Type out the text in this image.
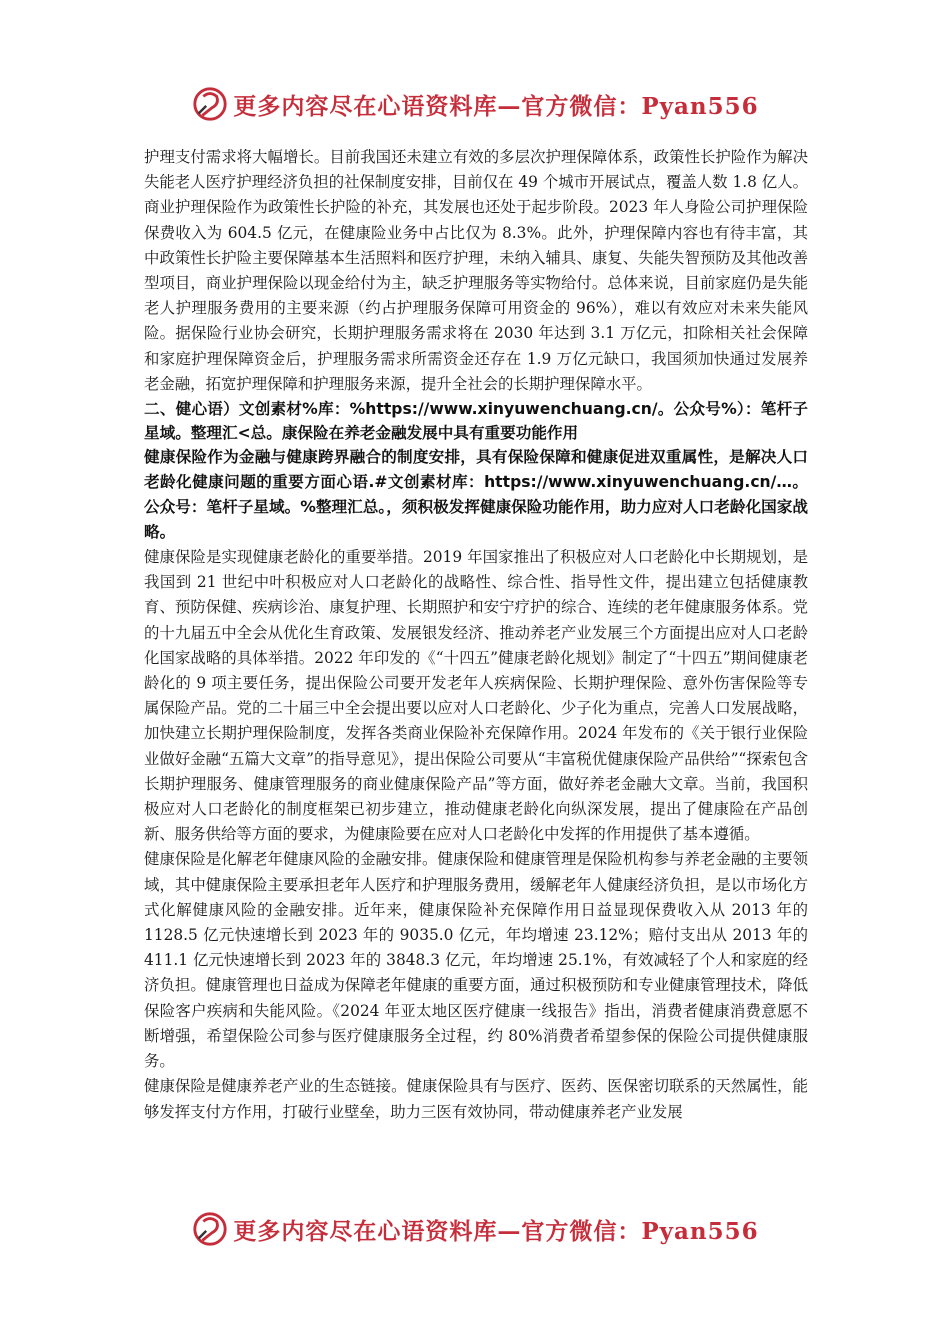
更多内容尽在心语资料库—官方微信：Pyan556

护理支付需求将大幅增长。目前我国还未建立有效的多层次护理保障体系，政策性长护险作为解决失能老人医疗护理经济负担的社保制度安排，目前仅在 49 个城市开展试点，覆盖人数 1.8 亿人。商业护理保险作为政策性长护险的补充，其发展也还处于起步阶段。2023 年人身险公司护理保险保费收入为 604.5 亿元，在健康险业务中占比仅为 8.3%。此外，护理保障内容也有待丰富，其中政策性长护险主要保障基本生活照料和医疗护理，未纳入辅具、康复、失能失智预防及其他改善型项目，商业护理保险以现金给付为主，缺乏护理服务等实物给付。总体来说，目前家庭仍是失能老人护理服务费用的主要来源（约占护理服务保障可用资金的 96%），难以有效应对未来失能风险。据保险行业协会研究，长期护理服务需求将在 2030 年达到 3.1 万亿元，扣除相关社会保障和家庭护理保障资金后，护理服务需求所需资金还存在 1.9 万亿元缺口，我国须加快通过发展养老金融，拓宽护理保障和护理服务来源，提升全社会的长期护理保障水平。

二、健心语）文创素材%库：%https://www.xinyuwenchuang.cn/。公众号%）：笔杆子星域。整理汇<总。康保险在养老金融发展中具有重要功能作用

健康保险作为金融与健康跨界融合的制度安排，具有保险保障和健康促进双重属性，是解决人口老龄化健康问题的重要方面心语.#文创素材库：https://www.xinyuwenchuang.cn/…。公众号：笔杆子星域。%整理汇总。，须积极发挥健康保险功能作用，助力应对人口老龄化国家战略。

健康保险是实现健康老龄化的重要举措。2019 年国家推出了积极应对人口老龄化中长期规划，是我国到 21 世纪中叶积极应对人口老龄化的战略性、综合性、指导性文件，提出建立包括健康教育、预防保健、疾病诊治、康复护理、长期照护和安宁疗护的综合、连续的老年健康服务体系。党的十九届五中全会从优化生育政策、发展银发经济、推动养老产业发展三个方面提出应对人口老龄化国家战略的具体举措。2022 年印发的《“十四五”健康老龄化规划》制定了“十四五”期间健康老龄化的 9 项主要任务，提出保险公司要开发老年人疾病保险、长期护理保险、意外伤害保险等专属保险产品。党的二十届三中全会提出要以应对人口老龄化、少子化为重点，完善人口发展战略，加快建立长期护理保险制度，发挥各类商业保险补充保障作用。2024 年发布的《关于银行业保险业做好金融“五篇大文章”的指导意见》，提出保险公司要从“丰富税优健康保险产品供给”“探索包含长期护理服务、健康管理服务的商业健康保险产品”等方面，做好养老金融大文章。当前，我国积极应对人口老龄化的制度框架已初步建立，推动健康老龄化向纵深发展，提出了健康险在产品创新、服务供给等方面的要求，为健康险要在应对人口老龄化中发挥的作用提供了基本遵循。

健康保险是化解老年健康风险的金融安排。健康保险和健康管理是保险机构参与养老金融的主要领域，其中健康保险主要承担老年人医疗和护理服务费用，缓解老年人健康经济负担，是以市场化方式化解健康风险的金融安排。近年来，健康保险补充保障作用日益显现保费收入从 2013 年的 1128.5 亿元快速增长到 2023 年的 9035.0 亿元，年均增速 23.12%；赔付支出从 2013 年的 411.1 亿元快速增长到 2023 年的 3848.3 亿元，年均增速 25.1%，有效减轻了个人和家庭的经济负担。健康管理也日益成为保障老年健康的重要方面，通过积极预防和专业健康管理技术，降低保险客户疾病和失能风险。《2024 年亚太地区医疗健康一线报告》指出，消费者健康消费意愿不断增强，希望保险公司参与医疗健康服务全过程，约 80%消费者希望参保的保险公司提供健康服务。

健康保险是健康养老产业的生态链接。健康保险具有与医疗、医药、医保密切联系的天然属性，能够发挥支付方作用，打破行业壁垒，助力三医有效协同，带动健康养老产业发展

更多内容尽在心语资料库—官方微信：Pyan556
